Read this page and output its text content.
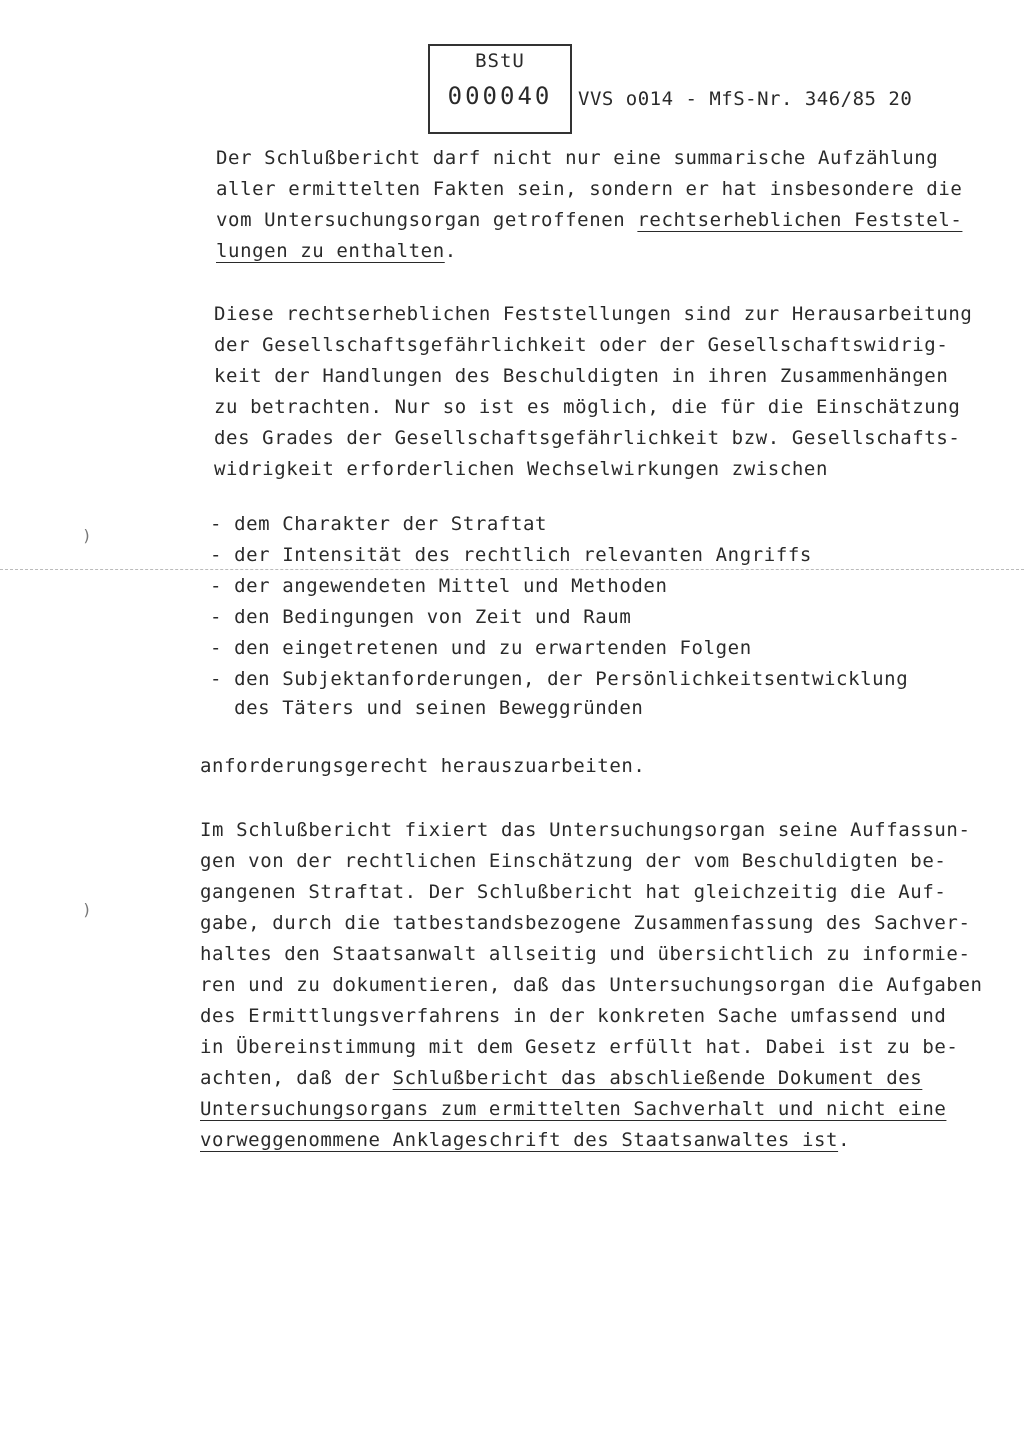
BStU
000040	VVS o014 - MfS-Nr. 346/85 20
Der Schlußbericht darf nicht nur eine summarische Aufzählung
aller ermittelten Fakten sein, sondern er hat insbesondere die
vom Untersuchungsorgan getroffenen rechtserheblichen Feststel-
lungen zu enthalten.
Diese rechtserheblichen Feststellungen sind zur Herausarbeitung
der Gesellschaftsgefährlichkeit oder der Gesellschaftswidrig-
keit der Handlungen des Beschuldigten in ihren Zusammenhängen
zu betrachten. Nur so ist es möglich, die für die Einschätzung
des Grades der Gesellschaftsgefährlichkeit bzw. Gesellschafts-
widrigkeit erforderlichen Wechselwirkungen zwischen
- dem Charakter der Straftat
- der Intensität des rechtlich relevanten Angriffs
- der angewendeten Mittel und Methoden
- den Bedingungen von Zeit und Raum
- den eingetretenen und zu erwartenden Folgen
- den Subjektanforderungen, der Persönlichkeitsentwicklung
des Täters und seinen Beweggründen
anforderungsgerecht herauszuarbeiten.
Im Schlußbericht fixiert das Untersuchungsorgan seine Auffassun-
gen von der rechtlichen Einschätzung der vom Beschuldigten be-
gangenen Straftat. Der Schlußbericht hat gleichzeitig die Auf-
gabe, durch die tatbestandsbezogene Zusammenfassung des Sachver-
haltes den Staatsanwalt allseitig und übersichtlich zu informie-
ren und zu dokumentieren, daß das Untersuchungsorgan die Aufgaben
des Ermittlungsverfahrens in der konkreten Sache umfassend und
in Übereinstimmung mit dem Gesetz erfüllt hat. Dabei ist zu be-
achten, daß der Schlußbericht das abschließende Dokument des
Untersuchungsorgans zum ermittelten Sachverhalt und nicht eine
vorweggenommene Anklageschrift des Staatsanwaltes ist.
)
)
